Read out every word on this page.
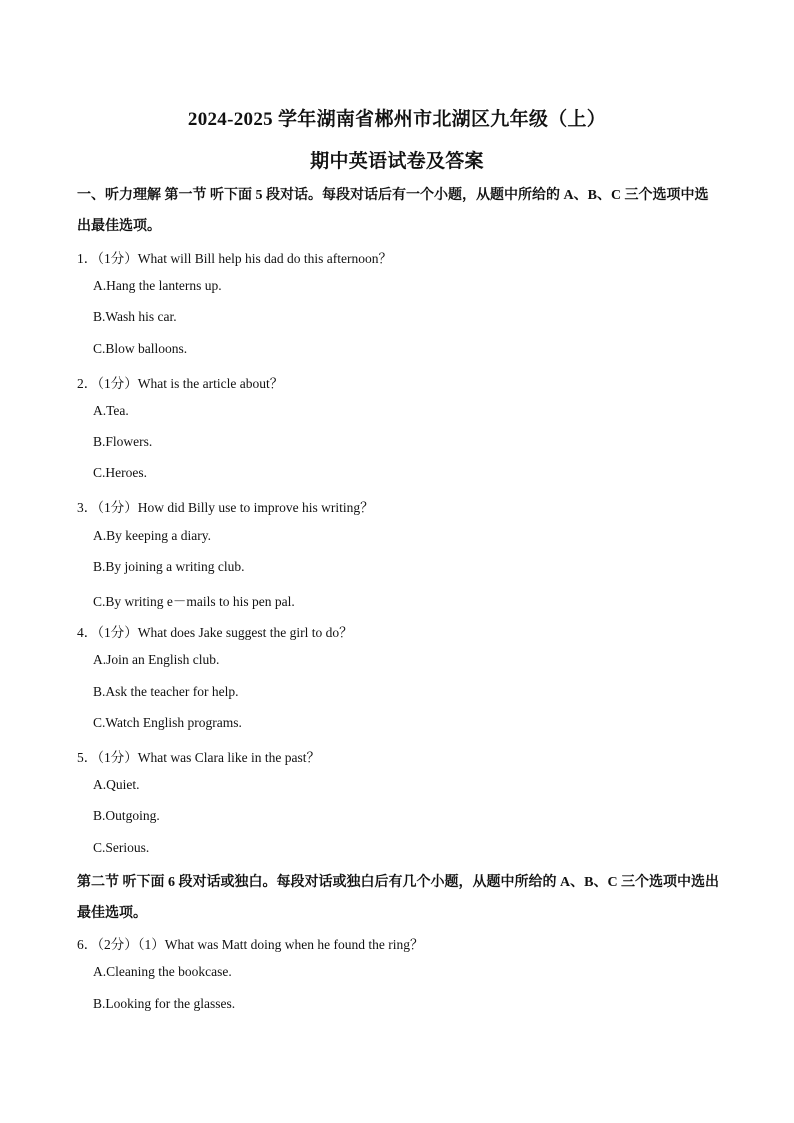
2024-2025 学年湖南省郴州市北湖区九年级（上）
期中英语试卷及答案
一、听力理解 第一节 听下面 5 段对话。每段对话后有一个小题，从题中所给的 A、B、C 三个选项中选
出最佳选项。
1．（1分）What will Bill help his dad do this afternoon？
A.Hang the lanterns up.
B.Wash his car.
C.Blow balloons.
2．（1分）What is the article about？
A.Tea.
B.Flowers.
C.Heroes.
3．（1分）How did Billy use to improve his writing？
A.By keeping a diary.
B.By joining a writing club.
C.By writing e－mails to his pen pal.
4．（1分）What does Jake suggest the girl to do？
A.Join an English club.
B.Ask the teacher for help.
C.Watch English programs.
5．（1分）What was Clara like in the past？
A.Quiet.
B.Outgoing.
C.Serious.
第二节 听下面 6 段对话或独白。每段对话或独白后有几个小题，从题中所给的 A、B、C 三个选项中选出
最佳选项。
6．（2分）（1）What was Matt doing when he found the ring？
A.Cleaning the bookcase.
B.Looking for the glasses.
